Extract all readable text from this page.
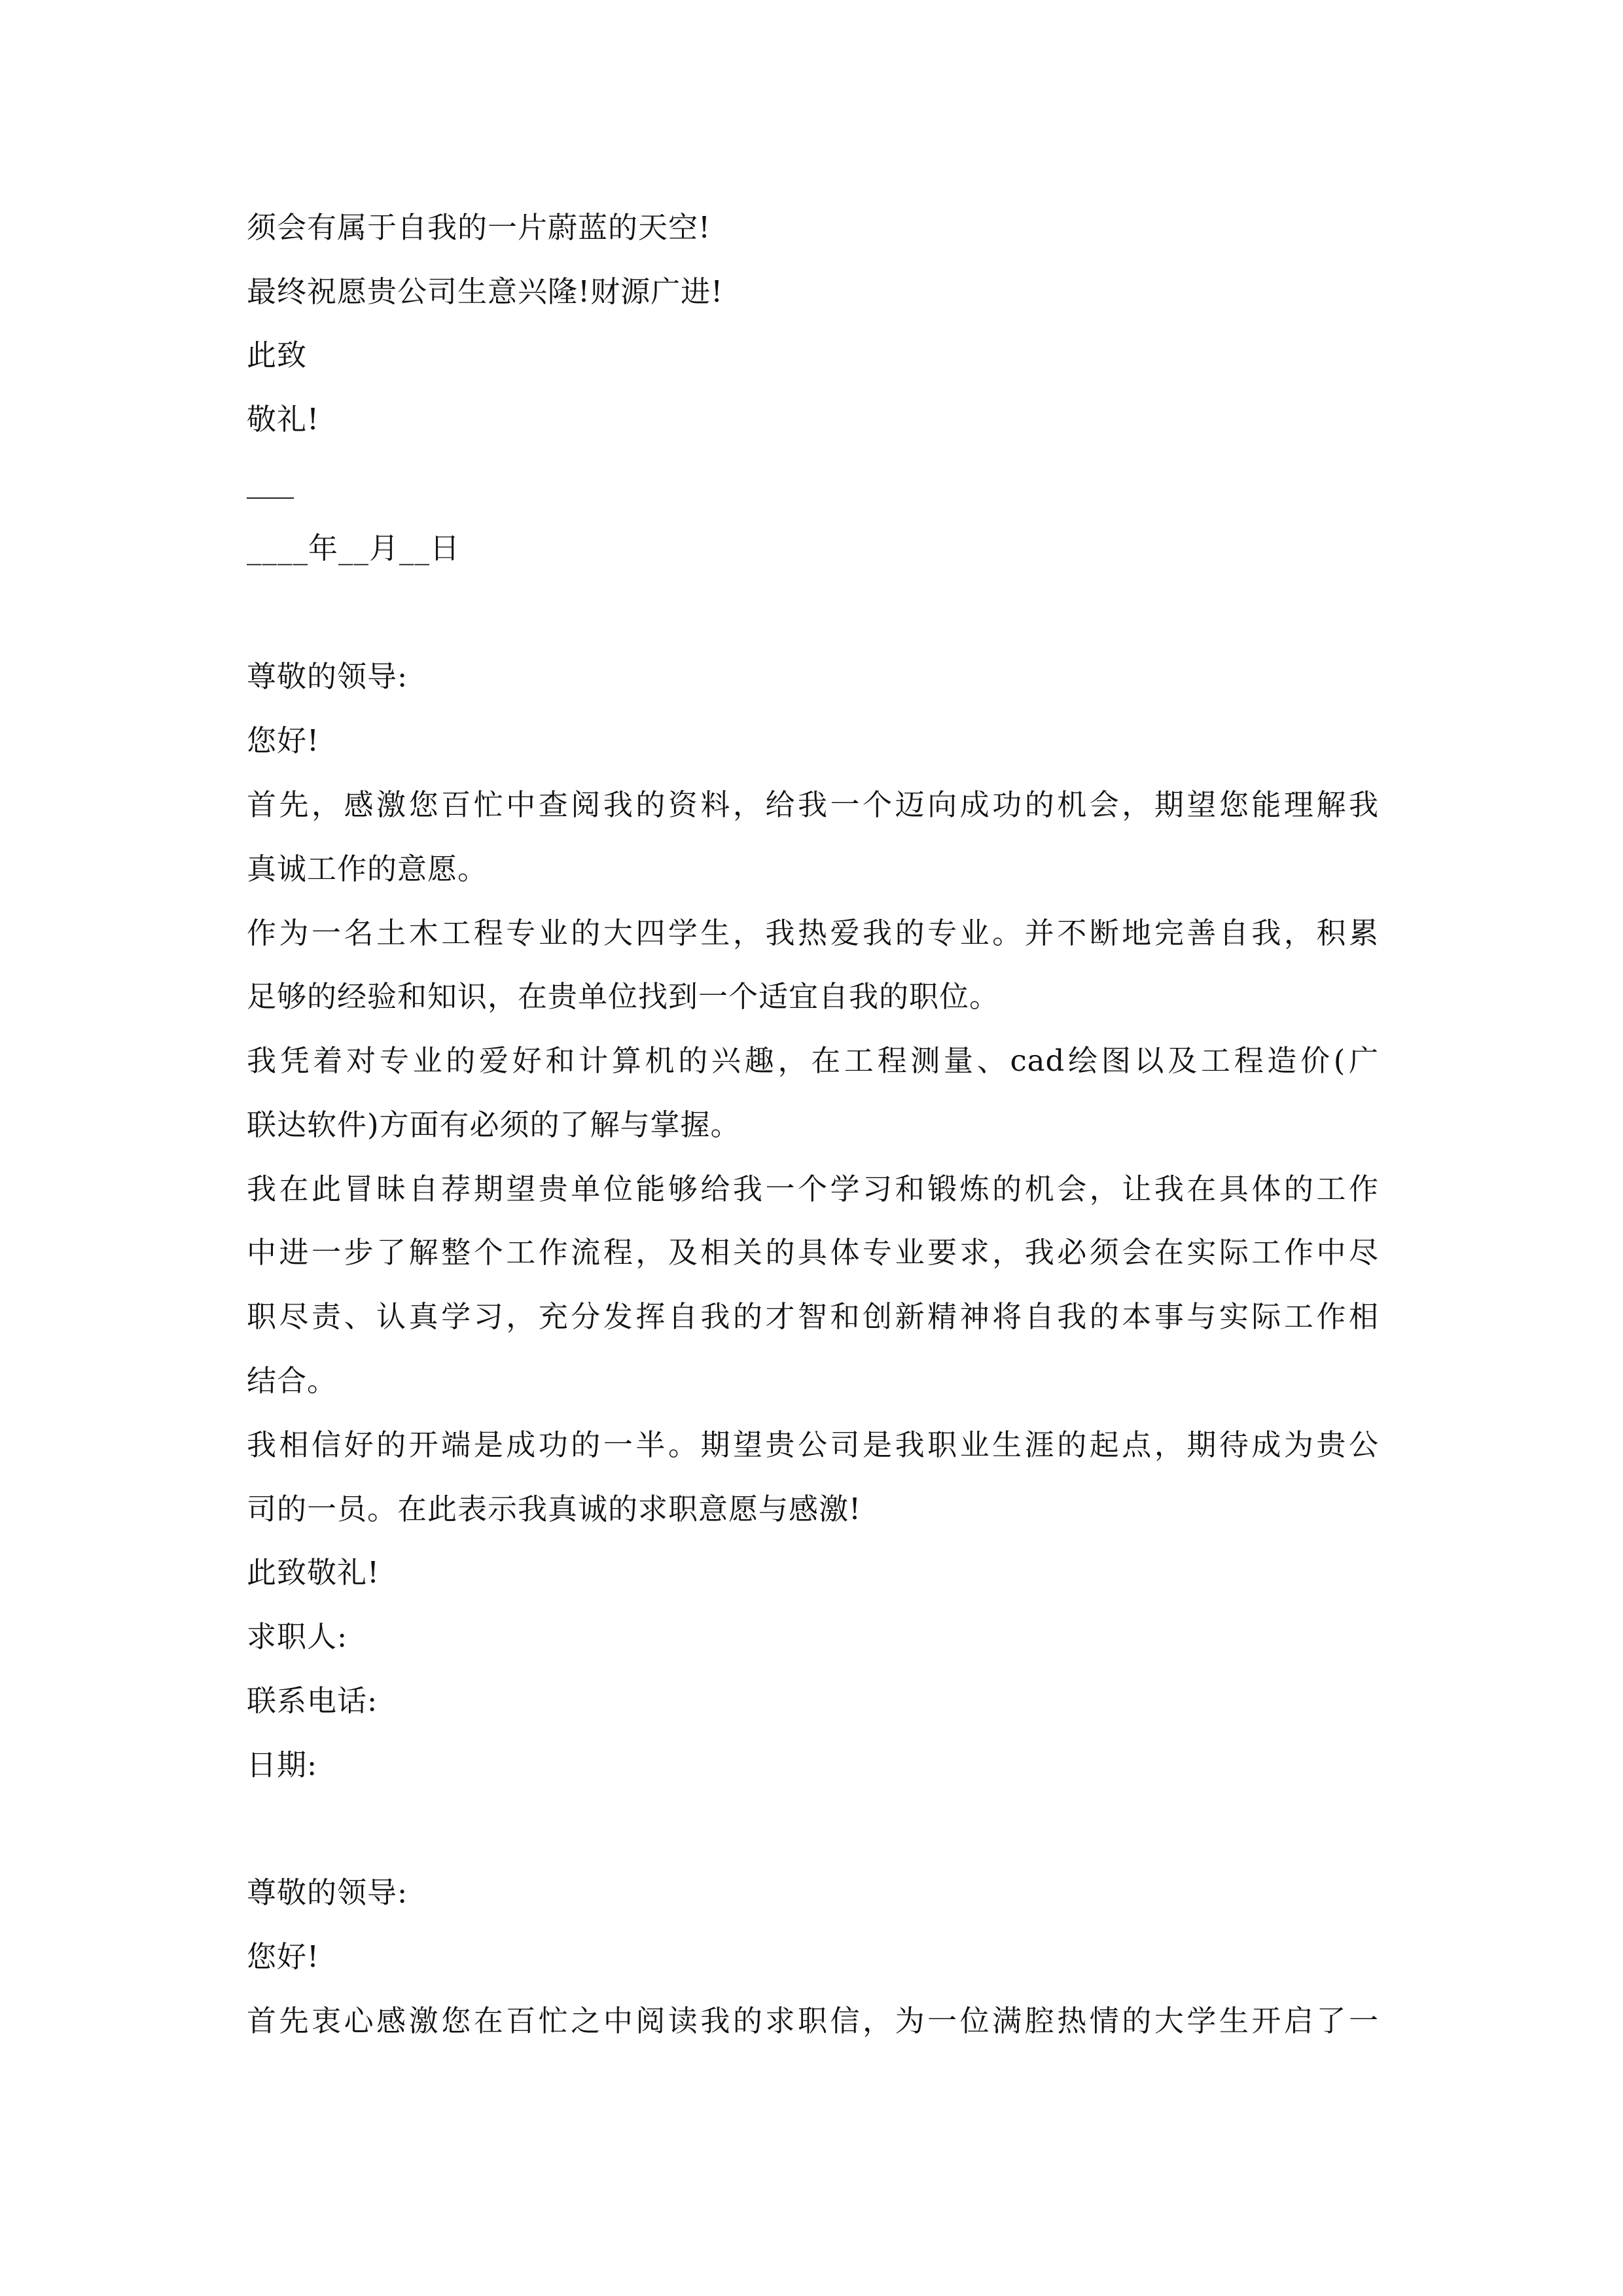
须会有属于自我的一片蔚蓝的天空!
最终祝愿贵公司生意兴隆!财源广进!
此致
敬礼!
____年__月__日
尊敬的领导:
您好!
首先，感激您百忙中查阅我的资料，给我一个迈向成功的机会，期望您能理解我
真诚工作的意愿。
作为一名土木工程专业的大四学生，我热爱我的专业。并不断地完善自我，积累
足够的经验和知识，在贵单位找到一个适宜自我的职位。
我凭着对专业的爱好和计算机的兴趣，在工程测量、cad绘图以及工程造价(广
联达软件)方面有必须的了解与掌握。
我在此冒昧自荐期望贵单位能够给我一个学习和锻炼的机会，让我在具体的工作
中进一步了解整个工作流程，及相关的具体专业要求，我必须会在实际工作中尽
职尽责、认真学习，充分发挥自我的才智和创新精神将自我的本事与实际工作相
结合。
我相信好的开端是成功的一半。期望贵公司是我职业生涯的起点，期待成为贵公
司的一员。在此表示我真诚的求职意愿与感激!
此致敬礼!
求职人:
联系电话:
日期:
尊敬的领导:
您好!
首先衷心感激您在百忙之中阅读我的求职信，为一位满腔热情的大学生开启了一
